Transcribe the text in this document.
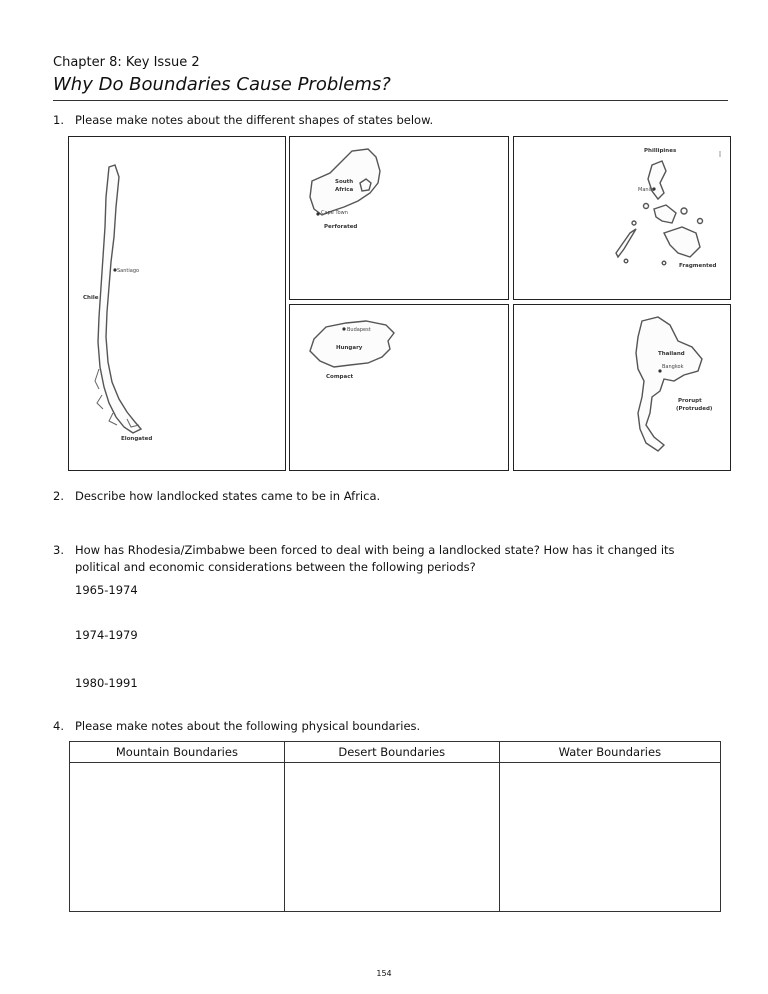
Chapter 8: Key Issue 2
Why Do Boundaries Cause Problems?
1. Please make notes about the different shapes of states below.
Santiago
Chile
Elongated
South
Africa
Cape Town
Perforated
Phillipines
Manila
Fragmented
Budapest
Hungary
Compact
Thailand
Bangkok
Prorupt
(Protruded)
2. Describe how landlocked states came to be in Africa.
3. How has Rhodesia/Zimbabwe been forced to deal with being a landlocked state? How has it changed its
political and economic considerations between the following periods?
1965-1974
1974-1979
1980-1991
4. Please make notes about the following physical boundaries.
Mountain Boundaries	Desert Boundaries	Water Boundaries

154
